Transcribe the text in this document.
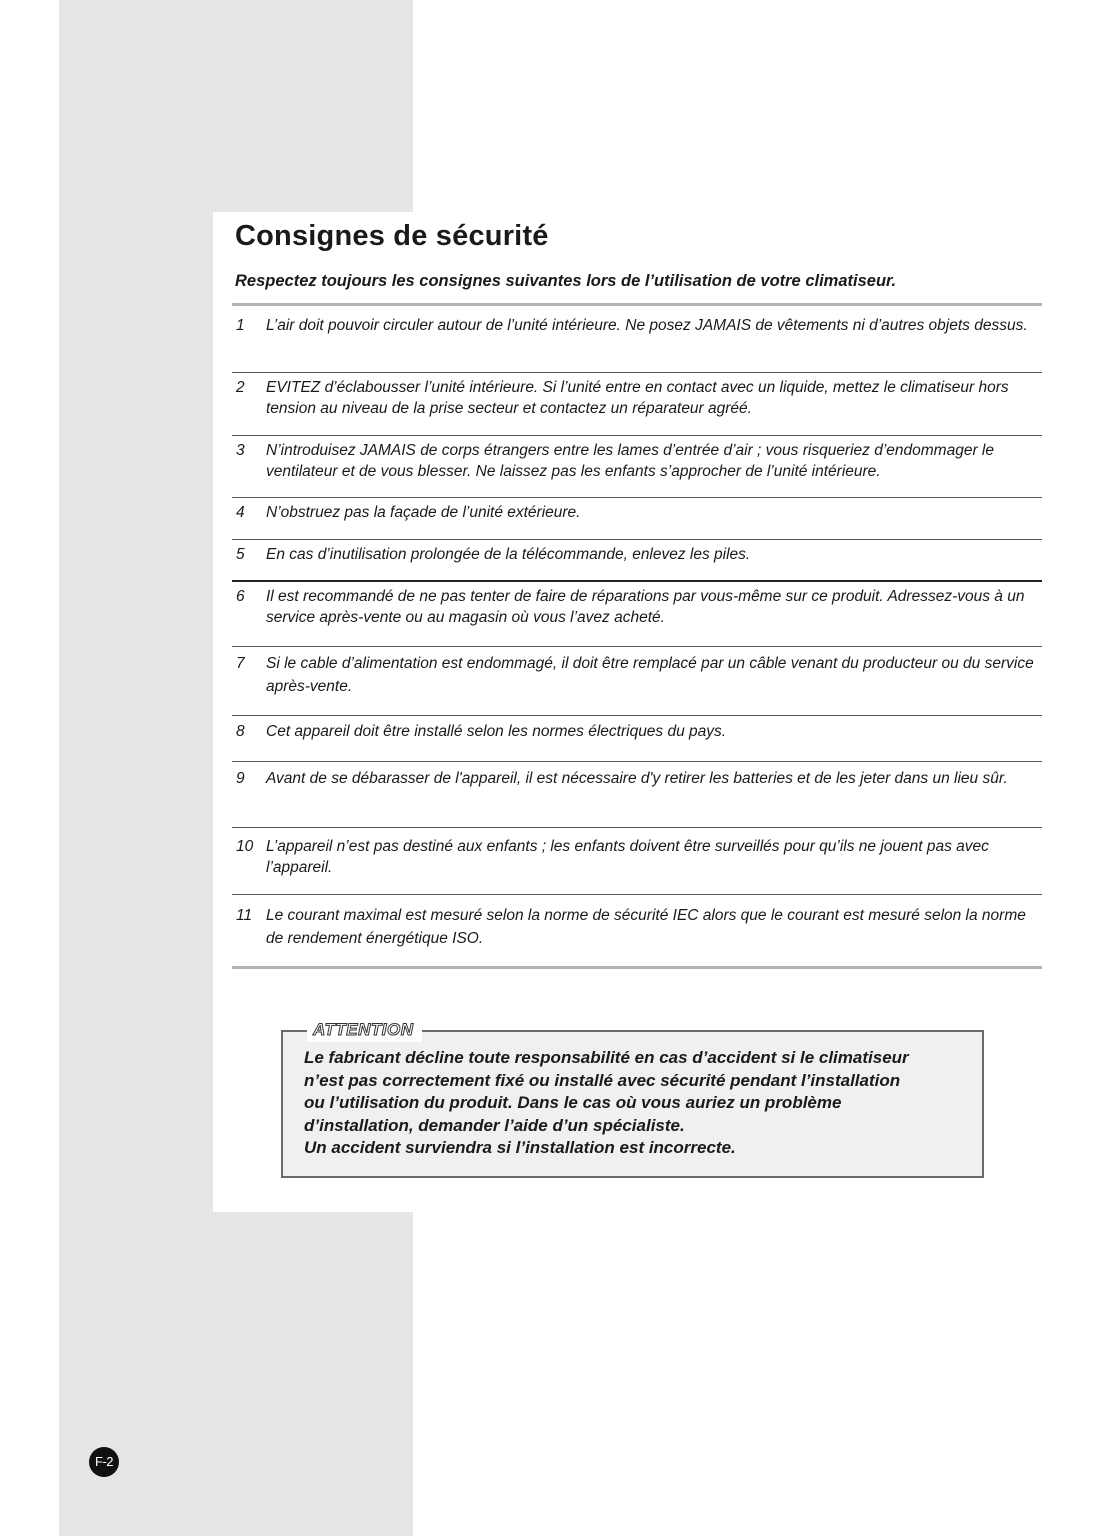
Consignes de sécurité

Respectez toujours les consignes suivantes lors de l’utilisation de votre climatiseur.

1	L’air doit pouvoir circuler autour de l’unité intérieure. Ne posez JAMAIS de vêtements ni d’autres objets dessus.
2	EVITEZ d’éclabousser l’unité intérieure. Si l’unité entre en contact avec un liquide, mettez le climatiseur hors tension au niveau de la prise secteur et contactez un réparateur agréé.
3	N’introduisez JAMAIS de corps étrangers entre les lames d’entrée d’air ; vous risqueriez d’endommager le ventilateur et de vous blesser. Ne laissez pas les enfants s’approcher de l’unité intérieure.
4	N’obstruez pas la façade de l’unité extérieure.
5	En cas d’inutilisation prolongée de la télécommande, enlevez les piles.
6	Il est recommandé de ne pas tenter de faire de réparations par vous-même sur ce produit. Adressez-vous à un service après-vente ou au magasin où vous l’avez acheté.
7	Si le cable d’alimentation est endommagé, il doit être remplacé par un câble venant du producteur ou du service après-vente.
8	Cet appareil doit être installé selon les normes électriques du pays.
9	Avant de se débarasser de l'appareil, il est nécessaire d'y retirer les batteries et de les jeter dans un lieu sûr.
10 L’appareil n’est pas destiné aux enfants ; les enfants doivent être surveillés pour qu’ils ne jouent pas avec l’appareil.
11 Le courant maximal est mesuré selon la norme de sécurité IEC alors que le courant est mesuré selon la norme de rendement énergétique ISO.
ATTENTION

Le fabricant décline toute responsabilité en cas d’accident si le climatiseur
n’est pas correctement fixé ou installé avec sécurité pendant l’installation
ou l’utilisation du produit. Dans le cas où vous auriez un problème
d’installation, demander l’aide d’un spécialiste.
Un accident surviendra si l’installation est incorrecte.

F-2
